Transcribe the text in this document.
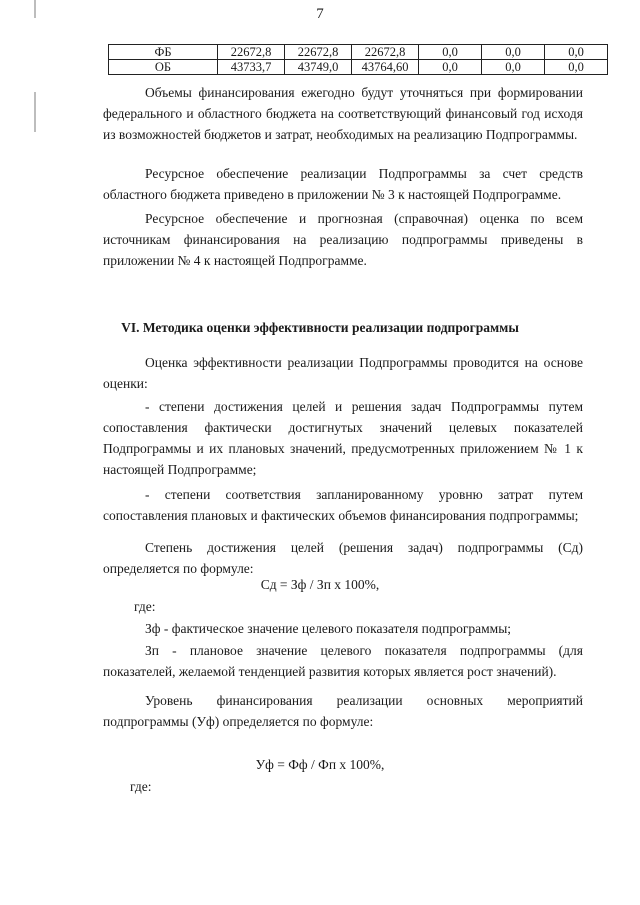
7
ФБ	22672,8	22672,8	22672,8	0,0	0,0	0,0
ОБ	43733,7	43749,0	43764,60	0,0	0,0	0,0

Объемы финансирования ежегодно будут уточняться при формировании федерального и областного бюджета на соответствующий финансовый год исходя из возможностей бюджетов и затрат, необходимых на реализацию Подпрограммы.

Ресурсное обеспечение реализации Подпрограммы за счет средств областного бюджета приведено в приложении № 3 к настоящей Подпрограмме.

Ресурсное обеспечение и прогнозная (справочная) оценка по всем источникам финансирования на реализацию подпрограммы приведены в приложении № 4 к настоящей Подпрограмме.

VI. Методика оценки эффективности реализации подпрограммы

Оценка эффективности реализации Подпрограммы проводится на основе оценки:

- степени достижения целей и решения задач Подпрограммы путем сопоставления фактически достигнутых значений целевых показателей Подпрограммы и их плановых значений, предусмотренных приложением № 1 к настоящей Подпрограмме;

- степени соответствия запланированному уровню затрат путем сопоставления плановых и фактических объемов финансирования подпрограммы;

Степень достижения целей (решения задач) подпрограммы (Сд) определяется по формуле:

Сд = Зф / Зп х 100%,
где:

Зф - фактическое значение целевого показателя подпрограммы;

Зп - плановое значение целевого показателя подпрограммы (для показателей, желаемой тенденцией развития которых является рост значений).

Уровень финансирования реализации основных мероприятий подпрограммы (Уф) определяется по формуле:

Уф = Фф / Фп х 100%,
где:
